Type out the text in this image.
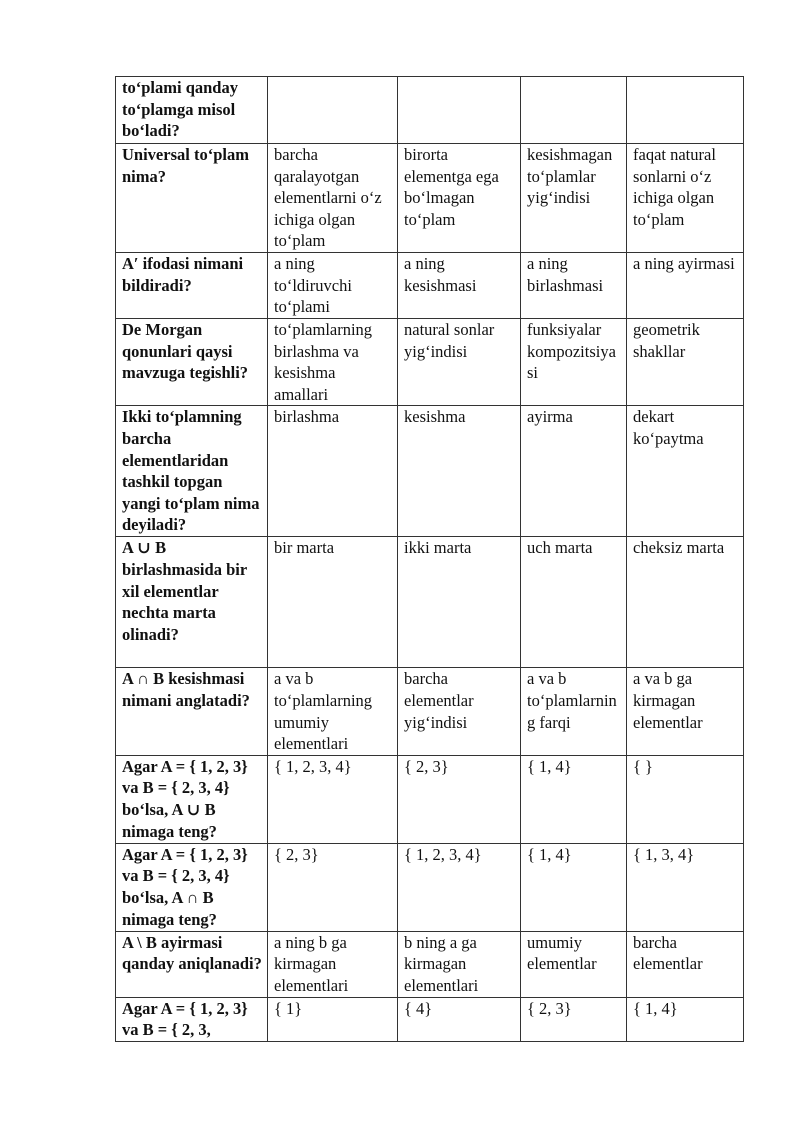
to‘plami qanday to‘plamga misol bo‘ladi?				
Universal to‘plam nima?	barcha qaralayotgan elementlarni o‘z ichiga olgan to‘plam	birorta elementga ega bo‘lmagan to‘plam	kesishmagan to‘plamlar yig‘indisi	faqat natural sonlarni o‘z ichiga olgan to‘plam
A′ ifodasi nimani bildiradi?	a ning to‘ldiruvchi to‘plami	a ning kesishmasi	a ning birlashmasi	a ning ayirmasi
De Morgan qonunlari qaysi mavzuga tegishli?	to‘plamlarning birlashma va kesishma amallari	natural sonlar yig‘indisi	funksiyalar kompozitsiyasi	geometrik shakllar
Ikki to‘plamning barcha elementlaridan tashkil topgan yangi to‘plam nima deyiladi?	birlashma	kesishma	ayirma	dekart ko‘paytma
A ∪ B birlashmasida bir xil elementlar nechta marta olinadi?	bir marta	ikki marta	uch marta	cheksiz marta
A ∩ B kesishmasi nimani anglatadi?	a va b to‘plamlarning umumiy elementlari	barcha elementlar yig‘indisi	a va b to‘plamlarning farqi	a va b ga kirmagan elementlar
Agar A = { 1, 2, 3} va B = { 2, 3, 4} bo‘lsa, A ∪ B nimaga teng?	{ 1, 2, 3, 4}	{ 2, 3}	{ 1, 4}	{ }
Agar A = { 1, 2, 3} va B = { 2, 3, 4} bo‘lsa, A ∩ B nimaga teng?	{ 2, 3}	{ 1, 2, 3, 4}	{ 1, 4}	{ 1, 3, 4}
A \ B ayirmasi qanday aniqlanadi?	a ning b ga kirmagan elementlari	b ning a ga kirmagan elementlari	umumiy elementlar	barcha elementlar
Agar A = { 1, 2, 3} va B = { 2, 3,	{ 1}	{ 4}	{ 2, 3}	{ 1, 4}
